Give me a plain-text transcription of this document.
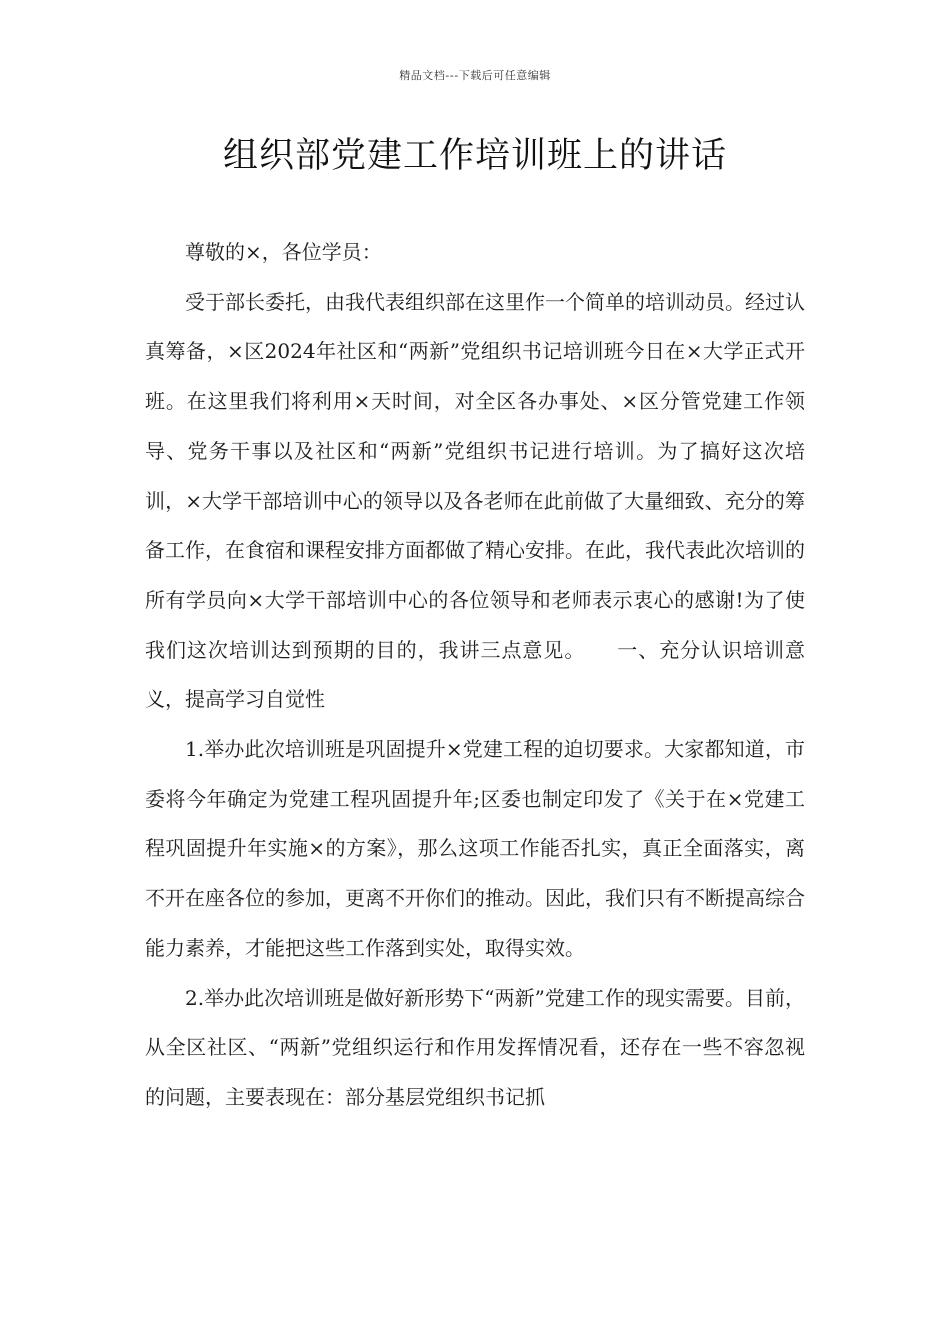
精品文档---下载后可任意编辑
组织部党建工作培训班上的讲话

尊敬的×，各位学员：

受于部长委托，由我代表组织部在这里作一个简单的培训动员。经过认真筹备，×区2024年社区和“两新”党组织书记培训班今日在×大学正式开班。在这里我们将利用×天时间，对全区各办事处、×区分管党建工作领导、党务干事以及社区和“两新”党组织书记进行培训。为了搞好这次培训，×大学干部培训中心的领导以及各老师在此前做了大量细致、充分的筹备工作，在食宿和课程安排方面都做了精心安排。在此，我代表此次培训的所有学员向×大学干部培训中心的各位领导和老师表示衷心的感谢!为了使我们这次培训达到预期的目的，我讲三点意见。　　一、充分认识培训意义，提高学习自觉性

1.举办此次培训班是巩固提升×党建工程的迫切要求。大家都知道，市委将今年确定为党建工程巩固提升年;区委也制定印发了《关于在×党建工程巩固提升年实施×的方案》，那么这项工作能否扎实，真正全面落实，离不开在座各位的参加，更离不开你们的推动。因此，我们只有不断提高综合能力素养，才能把这些工作落到实处，取得实效。

2.举办此次培训班是做好新形势下“两新”党建工作的现实需要。目前，从全区社区、“两新”党组织运行和作用发挥情况看，还存在一些不容忽视的问题，主要表现在：部分基层党组织书记抓
